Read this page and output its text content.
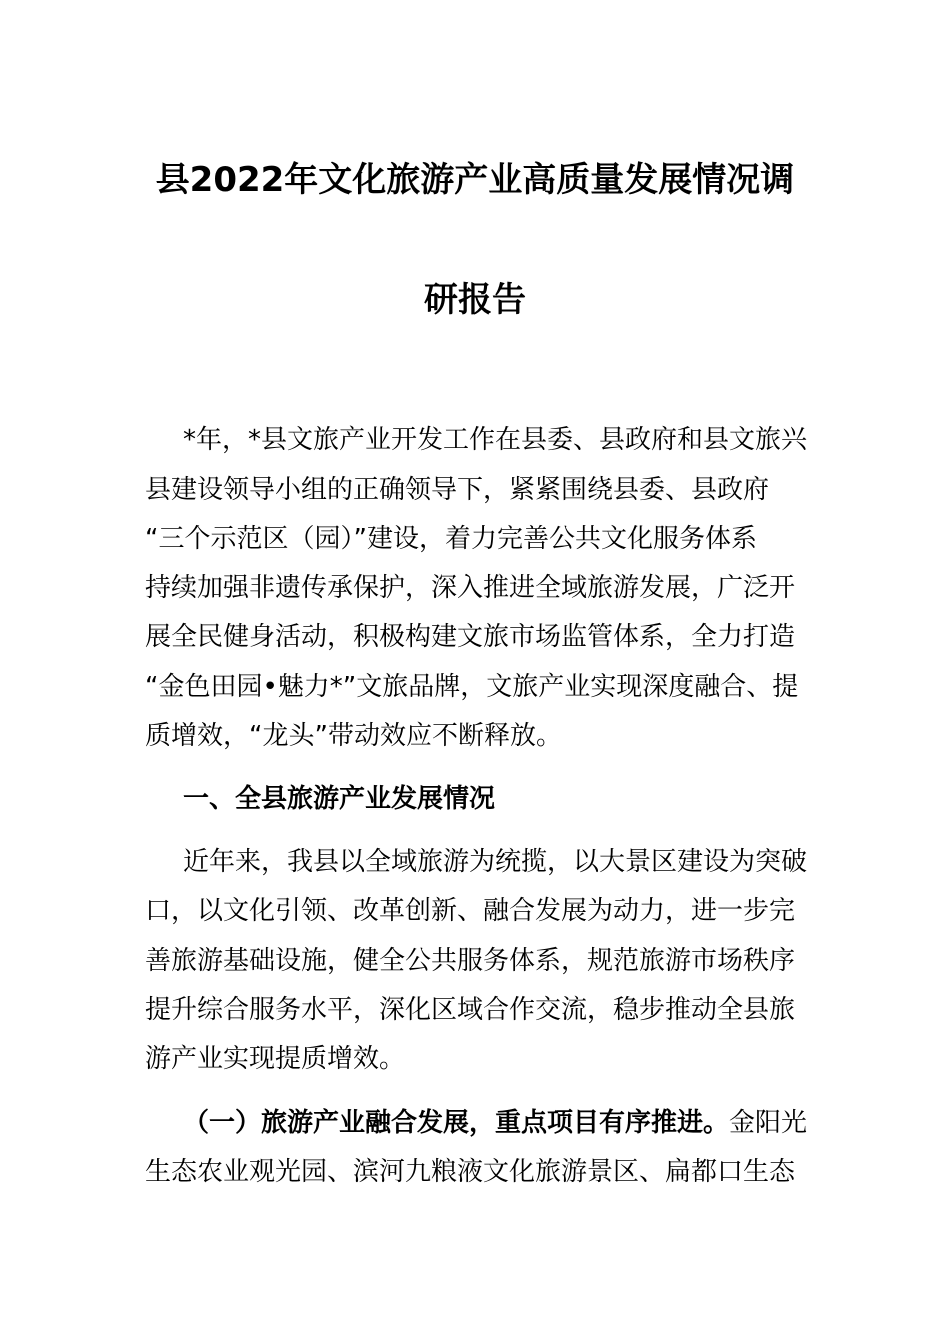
县2022年文化旅游产业高质量发展情况调
研报告
*年，*县文旅产业开发工作在县委、县政府和县文旅兴
县建设领导小组的正确领导下，紧紧围绕县委、县政府
“三个示范区（园）”建设，着力完善公共文化服务体系
持续加强非遗传承保护，深入推进全域旅游发展，广泛开
展全民健身活动，积极构建文旅市场监管体系，全力打造
“金色田园•魅力*”文旅品牌，文旅产业实现深度融合、提
质增效，“龙头”带动效应不断释放。
一、全县旅游产业发展情况
近年来，我县以全域旅游为统揽，以大景区建设为突破
口，以文化引领、改革创新、融合发展为动力，进一步完
善旅游基础设施，健全公共服务体系，规范旅游市场秩序
提升综合服务水平，深化区域合作交流，稳步推动全县旅
游产业实现提质增效。
（一）旅游产业融合发展，重点项目有序推进。金阳光
生态农业观光园、滨河九粮液文化旅游景区、扁都口生态
